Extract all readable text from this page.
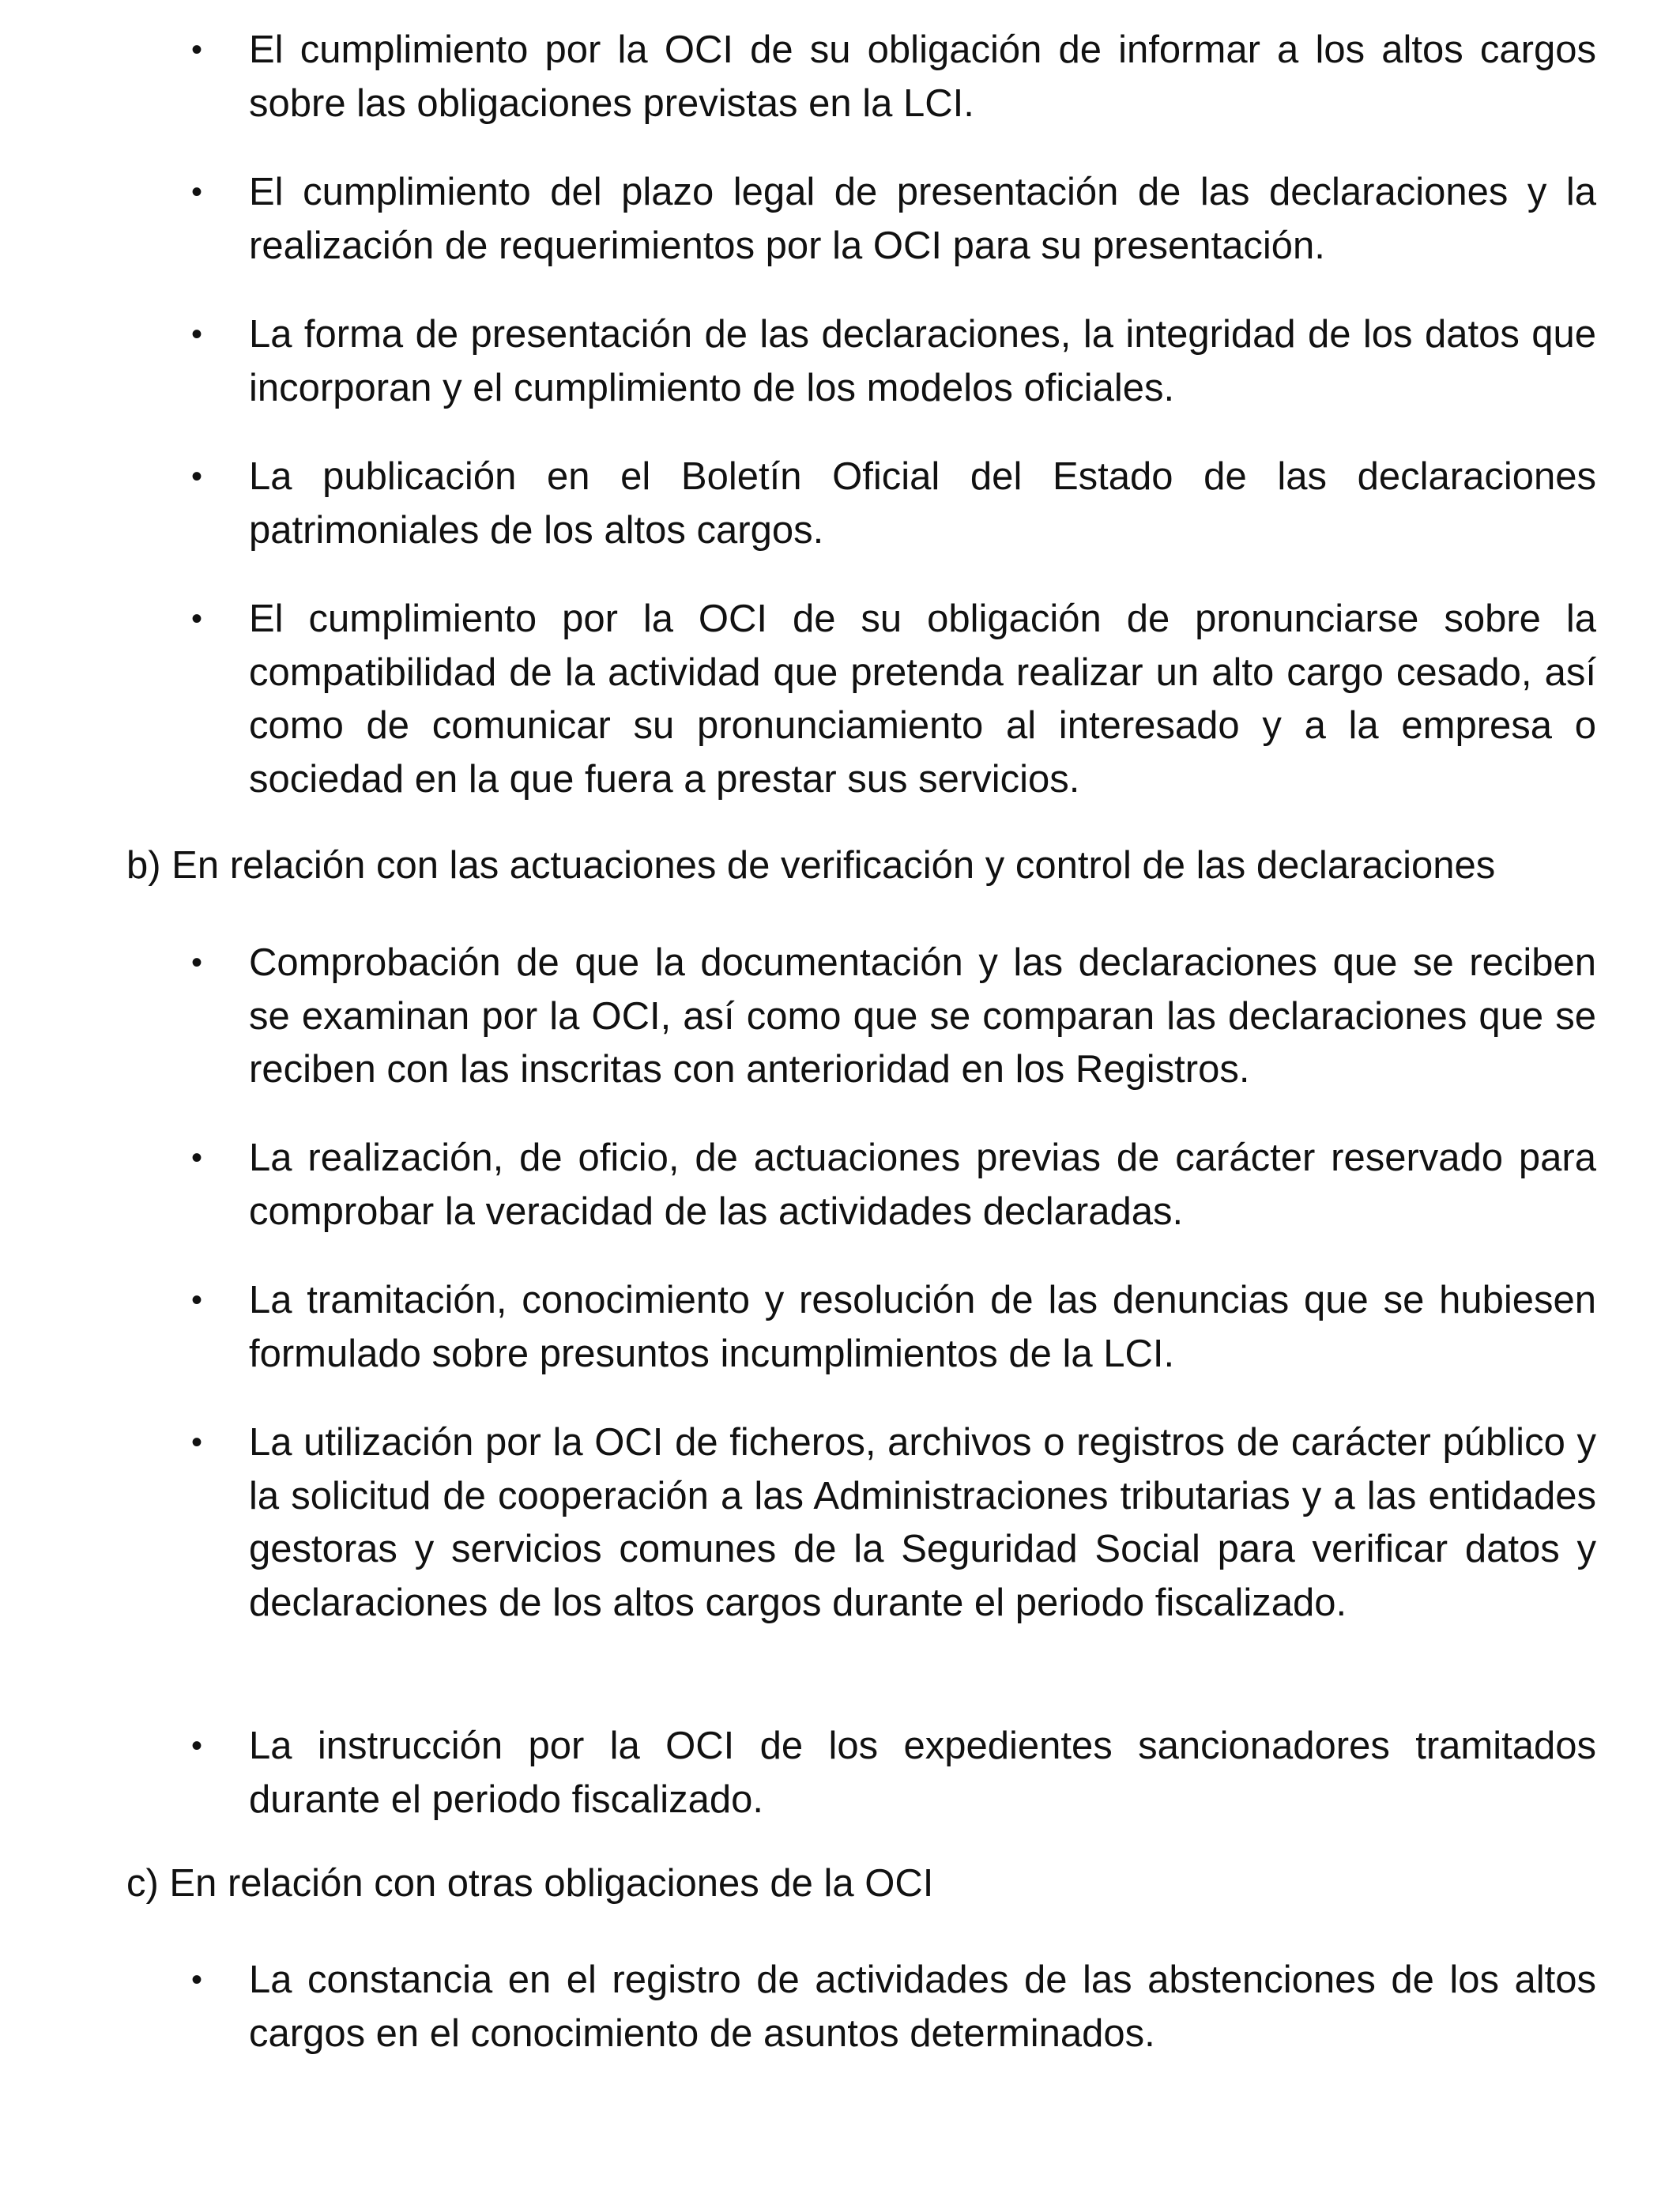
• El cumplimiento por la OCI de su obligación de informar a los altos cargos sobre las obligaciones previstas en la LCI.
• El cumplimiento del plazo legal de presentación de las declaraciones y la realización de requerimientos por la OCI para su presentación.
• La forma de presentación de las declaraciones, la integridad de los datos que incorporan y el cumplimiento de los modelos oficiales.
• La publicación en el Boletín Oficial del Estado de las declaraciones patrimoniales de los altos cargos.
• El cumplimiento por la OCI de su obligación de pronunciarse sobre la compatibilidad de la actividad que pretenda realizar un alto cargo cesado, así como de comunicar su pronunciamiento al interesado y a la empresa o sociedad en la que fuera a prestar sus servicios.
b) En relación con las actuaciones de verificación y control de las declaraciones
• Comprobación de que la documentación y las declaraciones que se reciben se examinan por la OCI, así como que se comparan las declaraciones que se reciben con las inscritas con anterioridad en los Registros.
• La realización, de oficio, de actuaciones previas de carácter reservado para comprobar la veracidad de las actividades declaradas.
• La tramitación, conocimiento y resolución de las denuncias que se hubiesen formulado sobre presuntos incumplimientos de la LCI.
• La utilización por la OCI de ficheros, archivos o registros de carácter público y la solicitud de cooperación a las Administraciones tributarias y a las entidades gestoras y servicios comunes de la Seguridad Social para verificar datos y declaraciones de los altos cargos durante el periodo fiscalizado.
• La instrucción por la OCI de los expedientes sancionadores tramitados durante el periodo fiscalizado.
c) En relación con otras obligaciones de la OCI
• La constancia en el registro de actividades de las abstenciones de los altos cargos en el conocimiento de asuntos determinados.
